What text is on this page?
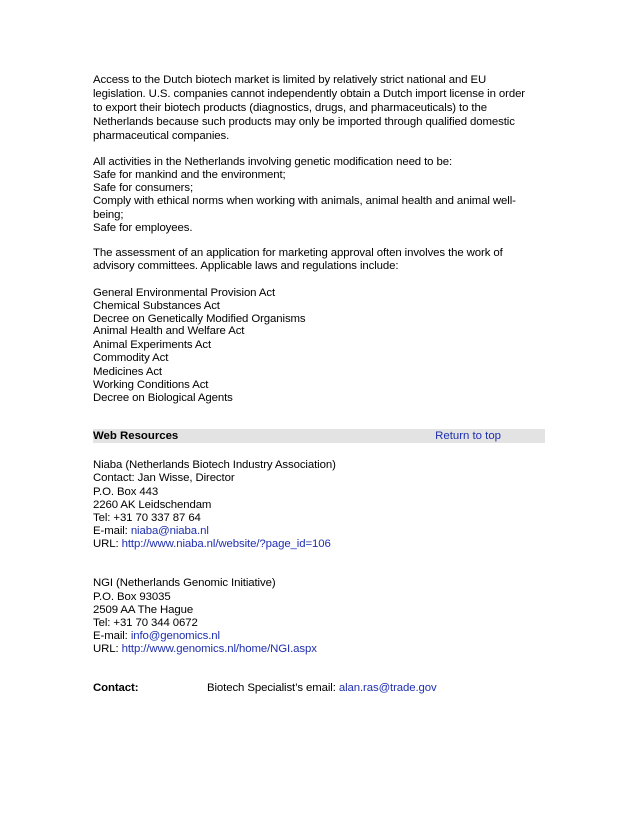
Access to the Dutch biotech market is limited by relatively strict national and EU
legislation. U.S. companies cannot independently obtain a Dutch import license in order
to export their biotech products (diagnostics, drugs, and pharmaceuticals) to the
Netherlands because such products may only be imported through qualified domestic
pharmaceutical companies.
All activities in the Netherlands involving genetic modification need to be:
Safe for mankind and the environment;
Safe for consumers;
Comply with ethical norms when working with animals, animal health and animal well-
being;
Safe for employees.
The assessment of an application for marketing approval often involves the work of
advisory committees. Applicable laws and regulations include:
General Environmental Provision Act
Chemical Substances Act
Decree on Genetically Modified Organisms
Animal Health and Welfare Act
Animal Experiments Act
Commodity Act
Medicines Act
Working Conditions Act
Decree on Biological Agents
Web Resources	Return to top
Niaba (Netherlands Biotech Industry Association)
Contact: Jan Wisse, Director
P.O. Box 443
2260 AK Leidschendam
Tel: +31 70 337 87 64
E-mail: niaba@niaba.nl
URL: http://www.niaba.nl/website/?page_id=106
NGI (Netherlands Genomic Initiative)
P.O. Box 93035
2509 AA The Hague
Tel: +31 70 344 0672
E-mail: info@genomics.nl
URL: http://www.genomics.nl/home/NGI.aspx
Contact:	Biotech Specialist’s email: alan.ras@trade.gov
